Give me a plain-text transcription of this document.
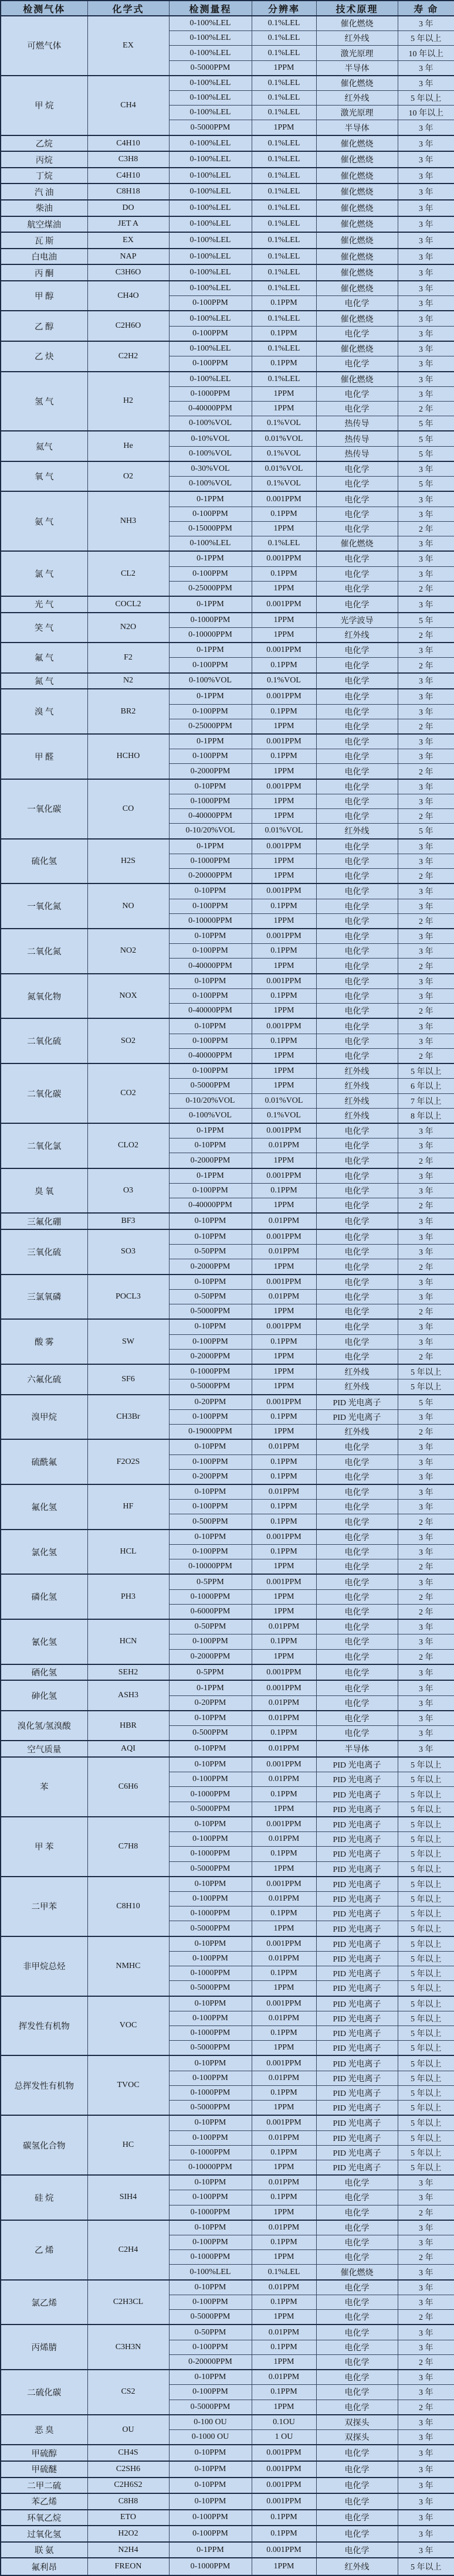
检测气体	化学式	检测量程	分辨率	技术原理	寿 命
可燃气体	EX	0-100%LEL	0.1%LEL	催化燃烧	3 年
		0-100%LEL	0.1%LEL	红外线	5 年以上
		0-100%LEL	0.1%LEL	激光原理	10 年以上
		0-5000PPM	1PPM	半导体	3 年
甲 烷	CH4	0-100%LEL	0.1%LEL	催化燃烧	3 年
		0-100%LEL	0.1%LEL	红外线	5 年以上
		0-100%LEL	0.1%LEL	激光原理	10 年以上
		0-5000PPM	1PPM	半导体	3 年
乙烷	C4H10	0-100%LEL	0.1%LEL	催化燃烧	3 年
丙烷	C3H8	0-100%LEL	0.1%LEL	催化燃烧	3 年
丁烷	C4H10	0-100%LEL	0.1%LEL	催化燃烧	3 年
汽 油	C8H18	0-100%LEL	0.1%LEL	催化燃烧	3 年
柴油	DO	0-100%LEL	0.1%LEL	催化燃烧	3 年
航空煤油	JET A	0-100%LEL	0.1%LEL	催化燃烧	3 年
瓦 斯	EX	0-100%LEL	0.1%LEL	催化燃烧	3 年
白电油	NAP	0-100%LEL	0.1%LEL	催化燃烧	3 年
丙 酮	C3H6O	0-100%LEL	0.1%LEL	催化燃烧	3 年
甲 醇	CH4O	0-100%LEL	0.1%LEL	催化燃烧	3 年
		0-100PPM	0.1PPM	电化学	3 年
乙 醇	C2H6O	0-100%LEL	0.1%LEL	催化燃烧	3 年
		0-100PPM	0.1PPM	电化学	3 年
乙 炔	C2H2	0-100%LEL	0.1%LEL	催化燃烧	3 年
		0-100PPM	0.1PPM	电化学	3 年
氢 气	H2	0-100%LEL	0.1%LEL	催化燃烧	3 年
		0-1000PPM	1PPM	电化学	3 年
		0-40000PPM	1PPM	电化学	2 年
		0-100%VOL	0.1%VOL	热传导	5 年
氦气	He	0-10%VOL	0.01%VOL	热传导	5 年
		0-100%VOL	0.1%VOL	热传导	5 年
氧 气	O2	0-30%VOL	0.01%VOL	电化学	3 年
		0-100%VOL	0.1%VOL	电化学	5 年
氨 气	NH3	0-1PPM	0.001PPM	电化学	3 年
		0-100PPM	0.1PPM	电化学	3 年
		0-15000PPM	1PPM	电化学	2 年
		0-100%LEL	0.1%LEL	催化燃烧	3 年
氯 气	CL2	0-1PPM	0.001PPM	电化学	3 年
		0-100PPM	0.1PPM	电化学	3 年
		0-25000PPM	1PPM	电化学	2 年
光 气	COCL2	0-1PPM	0.001PPM	电化学	3 年
笑 气	N2O	0-1000PPM	1PPM	光学波导	5 年
		0-10000PPM	1PPM	红外线	2 年
氟 气	F2	0-1PPM	0.001PPM	电化学	3 年
		0-100PPM	0.1PPM	电化学	2 年
氮 气	N2	0-100%VOL	0.1%VOL	电化学	3 年
溴 气	BR2	0-1PPM	0.001PPM	电化学	3 年
		0-100PPM	0.1PPM	电化学	3 年
		0-25000PPM	1PPM	电化学	2 年
甲 醛	HCHO	0-1PPM	0.001PPM	电化学	3 年
		0-100PPM	0.1PPM	电化学	3 年
		0-2000PPM	1PPM	电化学	2 年
一氧化碳	CO	0-10PPM	0.001PPM	电化学	3 年
		0-1000PPM	1PPM	电化学	3 年
		0-40000PPM	1PPM	电化学	2 年
		0-10/20%VOL	0.01%VOL	红外线	5 年
硫化氢	H2S	0-1PPM	0.001PPM	电化学	3 年
		0-1000PPM	1PPM	电化学	3 年
		0-20000PPM	1PPM	电化学	2 年
一氧化氮	NO	0-10PPM	0.001PPM	电化学	3 年
		0-100PPM	0.1PPM	电化学	3 年
		0-10000PPM	1PPM	电化学	2 年
二氧化氮	NO2	0-10PPM	0.001PPM	电化学	3 年
		0-100PPM	0.1PPM	电化学	3 年
		0-40000PPM	1PPM	电化学	2 年
氮氧化物	NOX	0-10PPM	0.001PPM	电化学	3 年
		0-100PPM	0.1PPM	电化学	3 年
		0-40000PPM	1PPM	电化学	2 年
二氧化硫	SO2	0-10PPM	0.001PPM	电化学	3 年
		0-100PPM	0.1PPM	电化学	3 年
		0-40000PPM	1PPM	电化学	2 年
二氧化碳	CO2	0-100PPM	1PPM	红外线	5 年以上
		0-5000PPM	1PPM	红外线	6 年以上
		0-10/20%VOL	0.01%VOL	红外线	7 年以上
		0-100%VOL	0.1%VOL	红外线	8 年以上
二氧化氯	CLO2	0-1PPM	0.001PPM	电化学	3 年
		0-10PPM	0.01PPM	电化学	3 年
		0-2000PPM	1PPM	电化学	2 年
臭 氧	O3	0-1PPM	0.001PPM	电化学	3 年
		0-100PPM	0.1PPM	电化学	3 年
		0-40000PPM	1PPM	电化学	2 年
三氟化硼	BF3	0-10PPM	0.01PPM	电化学	3 年
三氧化硫	SO3	0-10PPM	0.001PPM	电化学	3 年
		0-50PPM	0.01PPM	电化学	3 年
		0-2000PPM	1PPM	电化学	2 年
三氯氧磷	POCL3	0-10PPM	0.001PPM	电化学	3 年
		0-50PPM	0.01PPM	电化学	3 年
		0-5000PPM	1PPM	电化学	2 年
酸 雾	SW	0-10PPM	0.001PPM	电化学	3 年
		0-100PPM	0.1PPM	电化学	3 年
		0-2000PPM	1PPM	电化学	2 年
六氟化硫	SF6	0-1000PPM	1PPM	红外线	5 年以上
		0-5000PPM	1PPM	红外线	5 年以上
溴甲烷	CH3Br	0-20PPM	0.001PPM	PID 光电离子	5 年
		0-100PPM	0.1PPM	PID 光电离子	3 年
		0-19000PPM	1PPM	红外线	2 年
硫酰氟	F2O2S	0-10PPM	0.01PPM	电化学	3 年
		0-100PPM	0.1PPM	电化学	3 年
		0-200PPM	0.1PPM	电化学	3 年
氟化氢	HF	0-10PPM	0.01PPM	电化学	3 年
		0-100PPM	0.1PPM	电化学	3 年
		0-500PPM	0.1PPM	电化学	2 年
氯化氢	HCL	0-10PPM	0.001PPM	电化学	3 年
		0-100PPM	0.1PPM	电化学	3 年
		0-10000PPM	1PPM	电化学	2 年
磷化氢	PH3	0-5PPM	0.001PPM	电化学	3 年
		0-1000PPM	1PPM	电化学	2 年
		0-6000PPM	1PPM	电化学	2 年
氰化氢	HCN	0-50PPM	0.01PPM	电化学	3 年
		0-100PPM	0.1PPM	电化学	3 年
		0-2000PPM	1PPM	电化学	2 年
硒化氢	SEH2	0-5PPM	0.001PPM	电化学	3 年
砷化氢	ASH3	0-1PPM	0.001PPM	电化学	3 年
		0-20PPM	0.01PPM	电化学	3 年
溴化氢/氢溴酸	HBR	0-10PPM	0.01PPM	电化学	3 年
		0-500PPM	0.1PPM	电化学	3 年
空气质量	AQI	0-10PPM	0.01PPM	半导体	3 年
苯	C6H6	0-10PPM	0.001PPM	PID 光电离子	5 年以上
		0-100PPM	0.01PPM	PID 光电离子	5 年以上
		0-1000PPM	0.1PPM	PID 光电离子	5 年以上
		0-5000PPM	1PPM	PID 光电离子	5 年以上
甲 苯	C7H8	0-10PPM	0.001PPM	PID 光电离子	5 年以上
		0-100PPM	0.01PPM	PID 光电离子	5 年以上
		0-1000PPM	0.1PPM	PID 光电离子	5 年以上
		0-5000PPM	1PPM	PID 光电离子	5 年以上
二甲苯	C8H10	0-10PPM	0.001PPM	PID 光电离子	5 年以上
		0-100PPM	0.01PPM	PID 光电离子	5 年以上
		0-1000PPM	0.1PPM	PID 光电离子	5 年以上
		0-5000PPM	1PPM	PID 光电离子	5 年以上
非甲烷总烃	NMHC	0-10PPM	0.001PPM	PID 光电离子	5 年以上
		0-100PPM	0.01PPM	PID 光电离子	5 年以上
		0-1000PPM	0.1PPM	PID 光电离子	5 年以上
		0-5000PPM	1PPM	PID 光电离子	5 年以上
挥发性有机物	VOC	0-10PPM	0.001PPM	PID 光电离子	5 年以上
		0-100PPM	0.01PPM	PID 光电离子	5 年以上
		0-1000PPM	0.1PPM	PID 光电离子	5 年以上
		0-5000PPM	1PPM	PID 光电离子	5 年以上
总挥发性有机物	TVOC	0-10PPM	0.001PPM	PID 光电离子	5 年以上
		0-100PPM	0.01PPM	PID 光电离子	5 年以上
		0-1000PPM	0.1PPM	PID 光电离子	5 年以上
		0-5000PPM	1PPM	PID 光电离子	5 年以上
碳氢化合物	HC	0-10PPM	0.001PPM	PID 光电离子	5 年以上
		0-100PPM	0.01PPM	PID 光电离子	5 年以上
		0-1000PPM	0.1PPM	PID 光电离子	5 年以上
		0-10000PPM	1PPM	PID 光电离子	5 年以上
硅 烷	SIH4	0-10PPM	0.01PPM	电化学	3 年
		0-100PPM	0.1PPM	电化学	3 年
		0-1000PPM	1PPM	电化学	2 年
乙 烯	C2H4	0-10PPM	0.01PPM	电化学	3 年
		0-100PPM	0.1PPM	电化学	3 年
		0-1000PPM	1PPM	电化学	2 年
		0-100%LEL	0.1%LEL	催化燃烧	3 年
氯乙烯	C2H3CL	0-10PPM	0.01PPM	电化学	3 年
		0-100PPM	0.1PPM	电化学	3 年
		0-5000PPM	1PPM	电化学	2 年
丙烯腈	C3H3N	0-50PPM	0.01PPM	电化学	3 年
		0-100PPM	0.1PPM	电化学	3 年
		0-20000PPM	1PPM	电化学	2 年
二硫化碳	CS2	0-10PPM	0.01PPM	电化学	3 年
		0-100PPM	0.1PPM	电化学	3 年
		0-5000PPM	1PPM	电化学	2 年
恶 臭	OU	0-100 OU	0.1OU	双探头	3 年
		0-1000 OU	1 OU	双探头	3 年
甲硫醇	CH4S	0-10PPM	0.001PPM	电化学	3 年
甲硫醚	C2SH6	0-10PPM	0.001PPM	电化学	3 年
二甲二硫	C2H6S2	0-10PPM	0.001PPM	电化学	3 年
苯乙烯	C8H8	0-10PPM	0.001PPM	电化学	3 年
环氧乙烷	ETO	0-100PPM	0.1PPM	电化学	3 年
过氧化氢	H2O2	0-100PPM	0.1PPM	电化学	3 年
联 氨	N2H4	0-1PPM	0.001PPM	电化学	3 年
氟利昂	FREON	0-1000PPM	1PPM	红外线	5 年以上
